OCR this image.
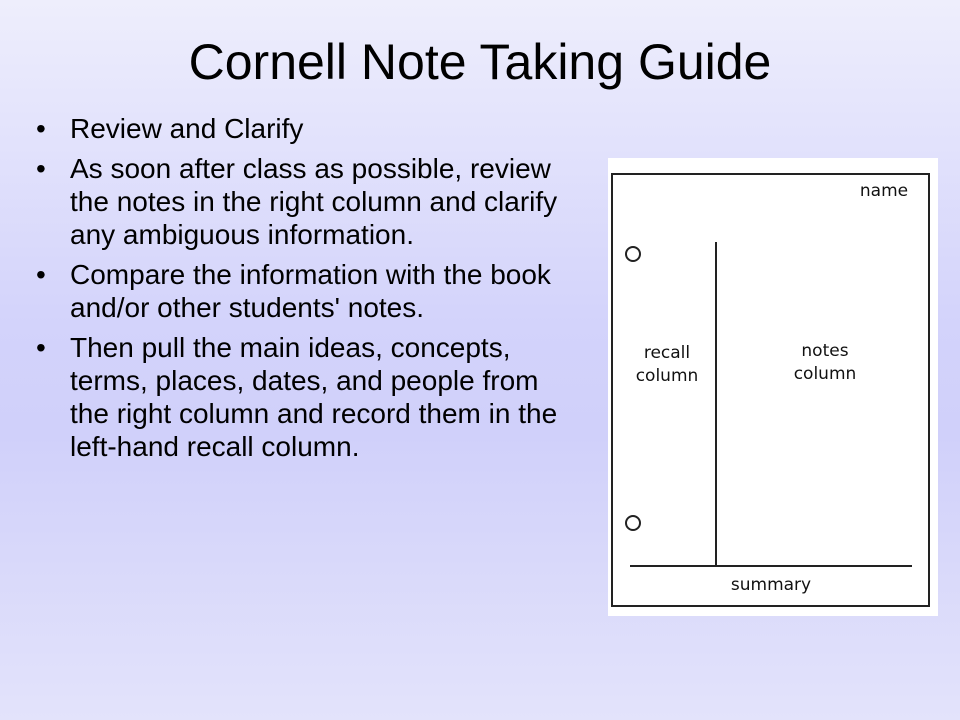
Cornell Note Taking Guide
• Review and Clarify
• As soon after class as possible, review the notes in the right column and clarify any ambiguous information.
• Compare the information with the book and/or other students' notes.
• Then pull the main ideas, concepts, terms, places, dates, and people from the right column and record them in the left-hand recall column.
name
recall
column
notes
column
summary
